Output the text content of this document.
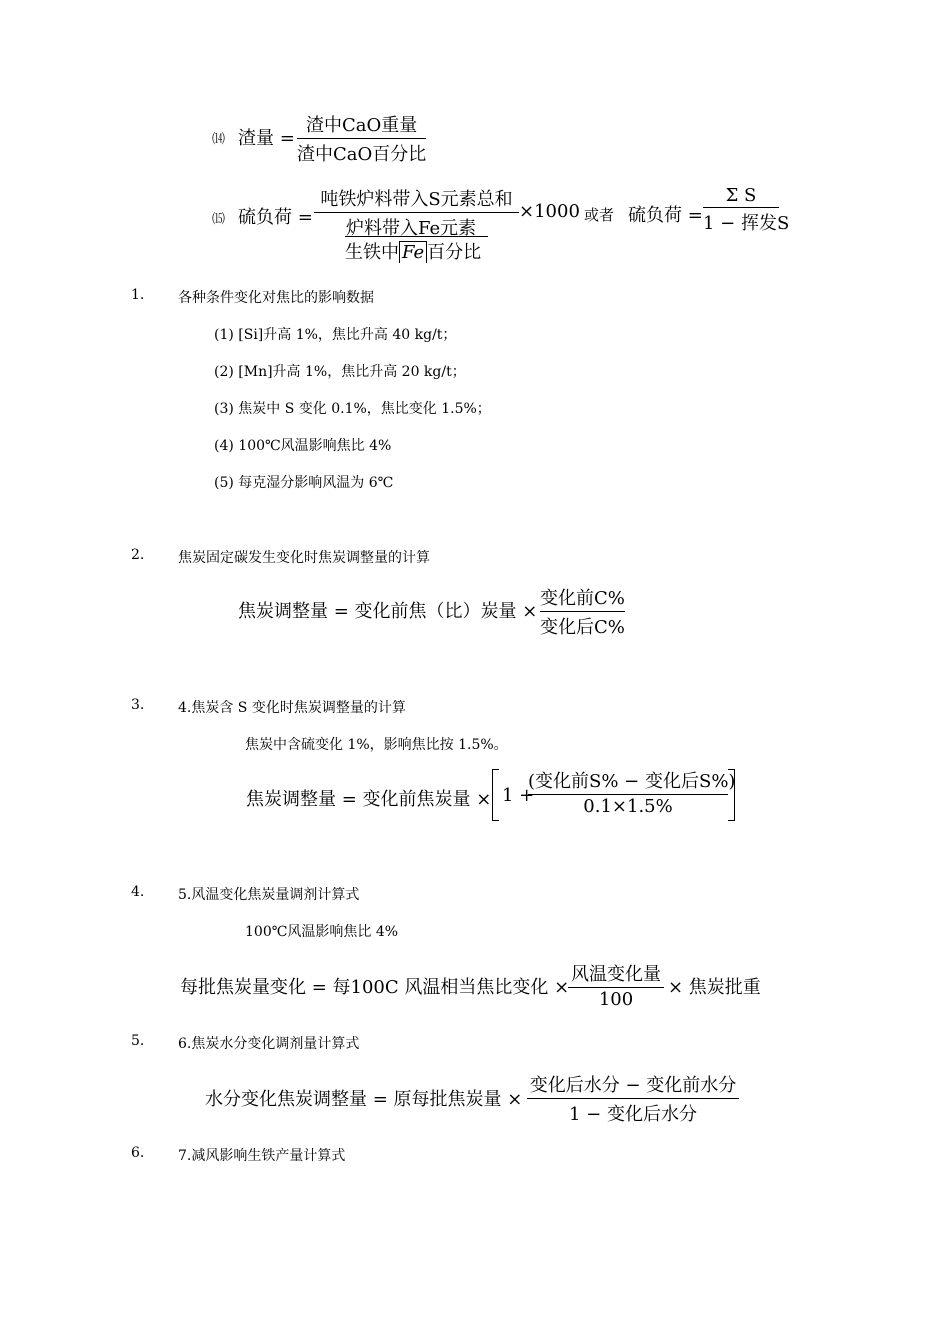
⒁ 渣量 =
渣中CaO重量
渣中CaO百分比
⒂ 硫负荷 =
吨铁炉料带入S元素总和
炉料带入Fe元素
生铁中 Fe 百分比
×1000 或者 硫负荷 =
Σ S
1 − 挥发S
1. 各种条件变化对焦比的影响数据
(1) [Si]升高 1%，焦比升高 40 kg/t；
(2) [Mn]升高 1%，焦比升高 20 kg/t；
(3) 焦炭中 S 变化 0.1%，焦比变化 1.5%；
(4) 100℃风温影响焦比 4%
(5) 每克湿分影响风温为 6℃
2. 焦炭固定碳发生变化时焦炭调整量的计算
焦炭调整量 = 变化前焦（比）炭量 ×
变化前C%
变化后C%
3. 4.焦炭含 S 变化时焦炭调整量的计算
焦炭中含硫变化 1%，影响焦比按 1.5%。
焦炭调整量 = 变化前焦炭量 × 1 +
(变化前S% − 变化后S%)
0.1×1.5%
4. 5.风温变化焦炭量调剂计算式
100℃风温影响焦比 4%
每批焦炭量变化 = 每100C 风温相当焦比变化 ×
风温变化量
100
× 焦炭批重
5. 6.焦炭水分变化调剂量计算式
水分变化焦炭调整量 = 原每批焦炭量 ×
变化后水分 − 变化前水分
1 − 变化后水分
6. 7.减风影响生铁产量计算式
